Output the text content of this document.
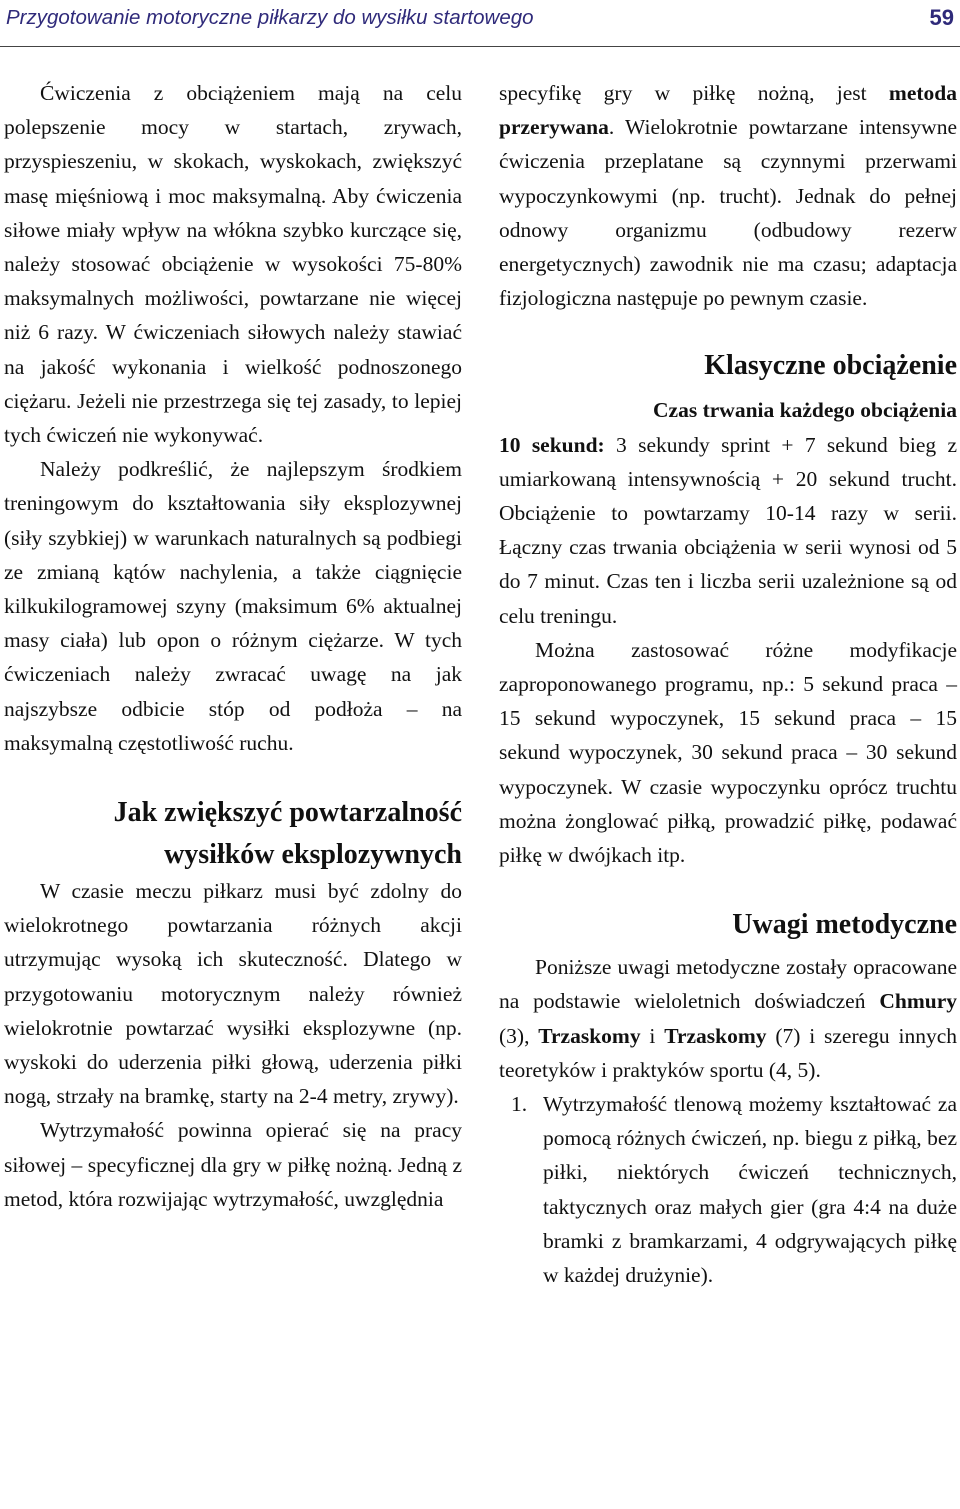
Przygotowanie motoryczne piłkarzy do wysiłku startowego	59

Ćwiczenia z obciążeniem mają na celu polepszenie mocy w startach, zrywach, przyspieszeniu, w skokach, wyskokach, zwiększyć masę mięśniową i moc maksymalną. Aby ćwiczenia siłowe miały wpływ na włókna szybko kurczące się, należy stosować obciążenie w wysokości 75-80% maksymalnych możliwości, powtarzane nie więcej niż 6 razy. W ćwiczeniach siłowych należy stawiać na jakość wykonania i wielkość podnoszonego ciężaru. Jeżeli nie przestrzega się tej zasady, to lepiej tych ćwiczeń nie wykonywać.

Należy podkreślić, że najlepszym środkiem treningowym do kształtowania siły eksplozywnej (siły szybkiej) w warunkach naturalnych są podbiegi ze zmianą kątów nachylenia, a także ciągnięcie kilkukilogramowej szyny (maksimum 6% aktualnej masy ciała) lub opon o różnym ciężarze. W tych ćwiczeniach należy zwracać uwagę na jak najszybsze odbicie stóp od podłoża – na maksymalną częstotliwość ruchu.

Jak zwiększyć powtarzalność
wysiłków eksplozywnych

W czasie meczu piłkarz musi być zdolny do wielokrotnego powtarzania różnych akcji utrzymując wysoką ich skuteczność. Dlatego w przygotowaniu motorycznym należy również wielokrotnie powtarzać wysiłki eksplozywne (np. wyskoki do uderzenia piłki głową, uderzenia piłki nogą, strzały na bramkę, starty na 2-4 metry, zrywy).

Wytrzymałość powinna opierać się na pracy siłowej – specyficznej dla gry w piłkę nożną. Jedną z metod, która rozwijając wytrzymałość, uwzględnia

specyfikę gry w piłkę nożną, jest metoda przerywana. Wielokrotnie powtarzane intensywne ćwiczenia przeplatane są czynnymi przerwami wypoczynkowymi (np. trucht). Jednak do pełnej odnowy organizmu (odbudowy rezerw energetycznych) zawodnik nie ma czasu; adaptacja fizjologiczna następuje po pewnym czasie.

Klasyczne obciążenie
Czas trwania każdego obciążenia

10 sekund: 3 sekundy sprint + 7 sekund bieg z umiarkowaną intensywnością + 20 sekund trucht. Obciążenie to powtarzamy 10-14 razy w serii. Łączny czas trwania obciążenia w serii wynosi od 5 do 7 minut. Czas ten i liczba serii uzależnione są od celu treningu.

Można zastosować różne modyfikacje zaproponowanego programu, np.: 5 sekund praca – 15 sekund wypoczynek, 15 sekund praca – 15 sekund wypoczynek, 30 sekund praca – 30 sekund wypoczynek. W czasie wypoczynku oprócz truchtu można żonglować piłką, prowadzić piłkę, podawać piłkę w dwójkach itp.

Uwagi metodyczne

Poniższe uwagi metodyczne zostały opracowane na podstawie wieloletnich doświadczeń Chmury (3), Trzaskomy i Trzaskomy (7) i szeregu innych teoretyków i praktyków sportu (4, 5).

1. Wytrzymałość tlenową możemy kształtować za pomocą różnych ćwiczeń, np. biegu z piłką, bez piłki, niektórych ćwiczeń technicznych, taktycznych oraz małych gier (gra 4:4 na duże bramki z bramkarzami, 4 odgrywających piłkę w każdej drużynie).
